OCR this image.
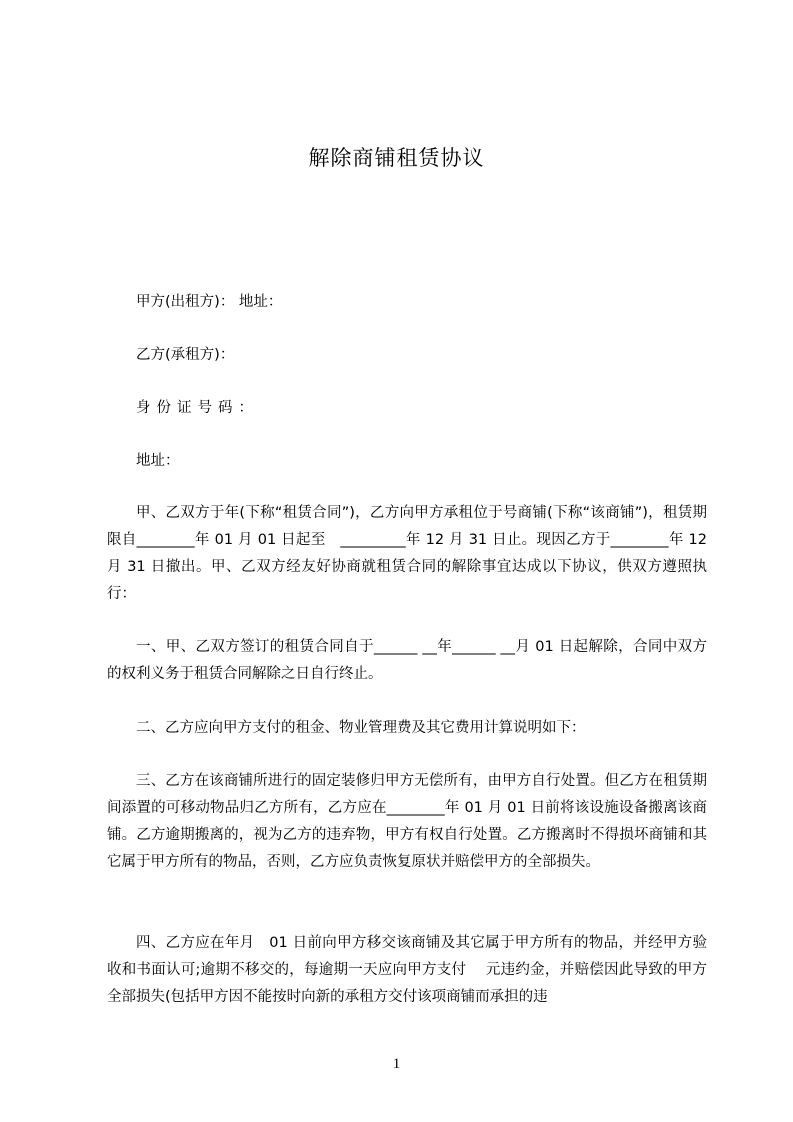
解除商铺租赁协议
甲方(出租方)： 地址：
乙方(承租方)：
身份证号码：
地址：

甲、乙双方于年(下称“租赁合同”)，乙方向甲方承租位于号商铺(下称“该商铺”)，租赁期限自________年 01 月 01 日起至　_________年 12 月 31 日止。现因乙方于________年 12 月 31 日撤出。甲、乙双方经友好协商就租赁合同的解除事宜达成以下协议，供双方遵照执行：

一、甲、乙双方签订的租赁合同自于______ __年______ __月 01 日起解除，合同中双方的权利义务于租赁合同解除之日自行终止。

二、乙方应向甲方支付的租金、物业管理费及其它费用计算说明如下：

三、乙方在该商铺所进行的固定装修归甲方无偿所有，由甲方自行处置。但乙方在租赁期间添置的可移动物品归乙方所有，乙方应在________年 01 月 01 日前将该设施设备搬离该商铺。乙方逾期搬离的，视为乙方的违弃物，甲方有权自行处置。乙方搬离时不得损坏商铺和其它属于甲方所有的物品，否则，乙方应负责恢复原状并赔偿甲方的全部损失。

四、乙方应在年月　01 日前向甲方移交该商铺及其它属于甲方所有的物品，并经甲方验收和书面认可;逾期不移交的，每逾期一天应向甲方支付　 元违约金，并赔偿因此导致的甲方全部损失(包括甲方因不能按时向新的承租方交付该项商铺而承担的违

1
